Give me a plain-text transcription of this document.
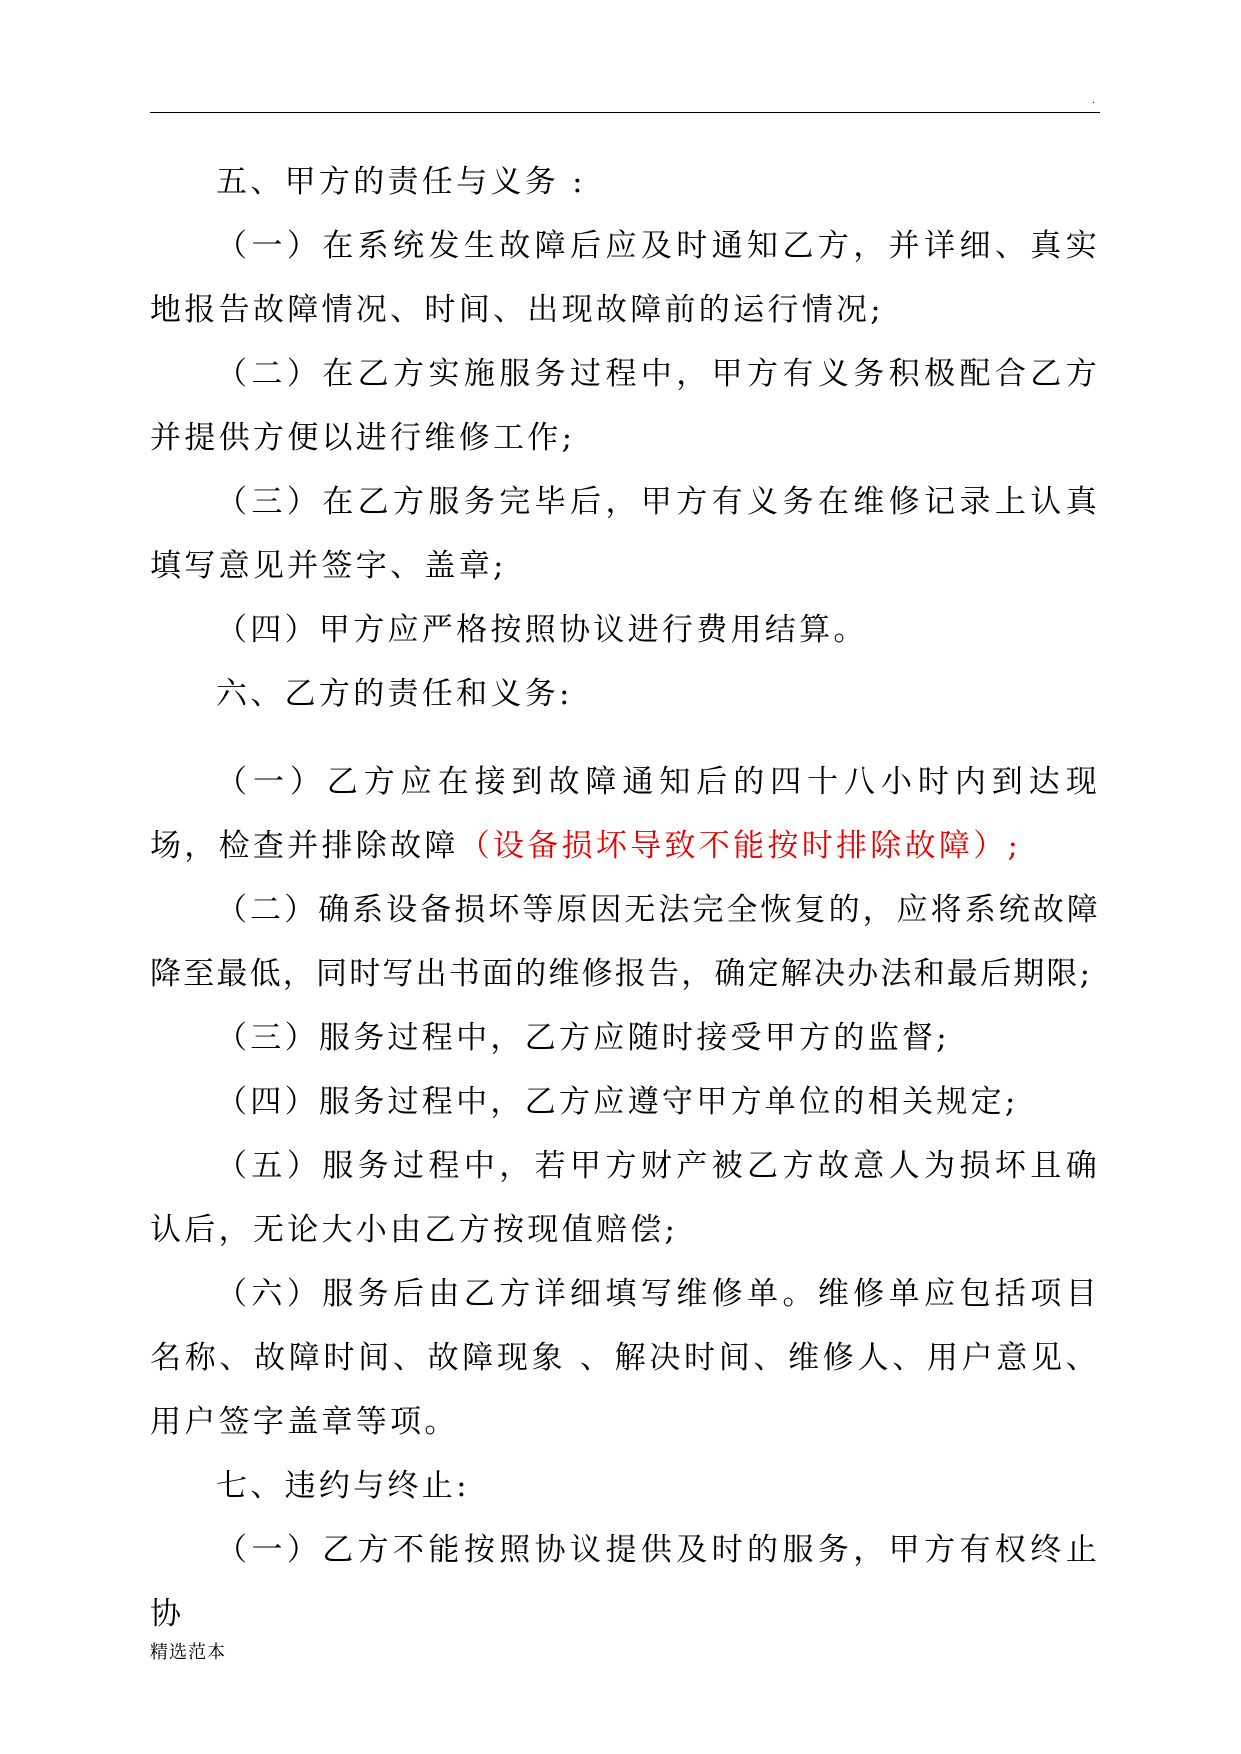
.

五、甲方的责任与义务 :

（一）在系统发生故障后应及时通知乙方，并详细、真实地报告故障情况、时间、出现故障前的运行情况;

（二）在乙方实施服务过程中，甲方有义务积极配合乙方并提供方便以进行维修工作;

（三）在乙方服务完毕后，甲方有义务在维修记录上认真填写意见并签字、盖章;

（四）甲方应严格按照协议进行费用结算。

六、乙方的责任和义务:

（一）乙方应在接到故障通知后的四十八小时内到达现场，检查并排除故障（设备损坏导致不能按时排除故障）;

（二）确系设备损坏等原因无法完全恢复的，应将系统故障降至最低，同时写出书面的维修报告，确定解决办法和最后期限;

（三）服务过程中，乙方应随时接受甲方的监督;

（四）服务过程中，乙方应遵守甲方单位的相关规定;

（五）服务过程中，若甲方财产被乙方故意人为损坏且确认后，无论大小由乙方按现值赔偿;

（六）服务后由乙方详细填写维修单。维修单应包括项目名称、故障时间、故障现象 、解决时间、维修人、用户意见、用户签字盖章等项。

七、违约与终止:

（一）乙方不能按照协议提供及时的服务，甲方有权终止协

精选范本
